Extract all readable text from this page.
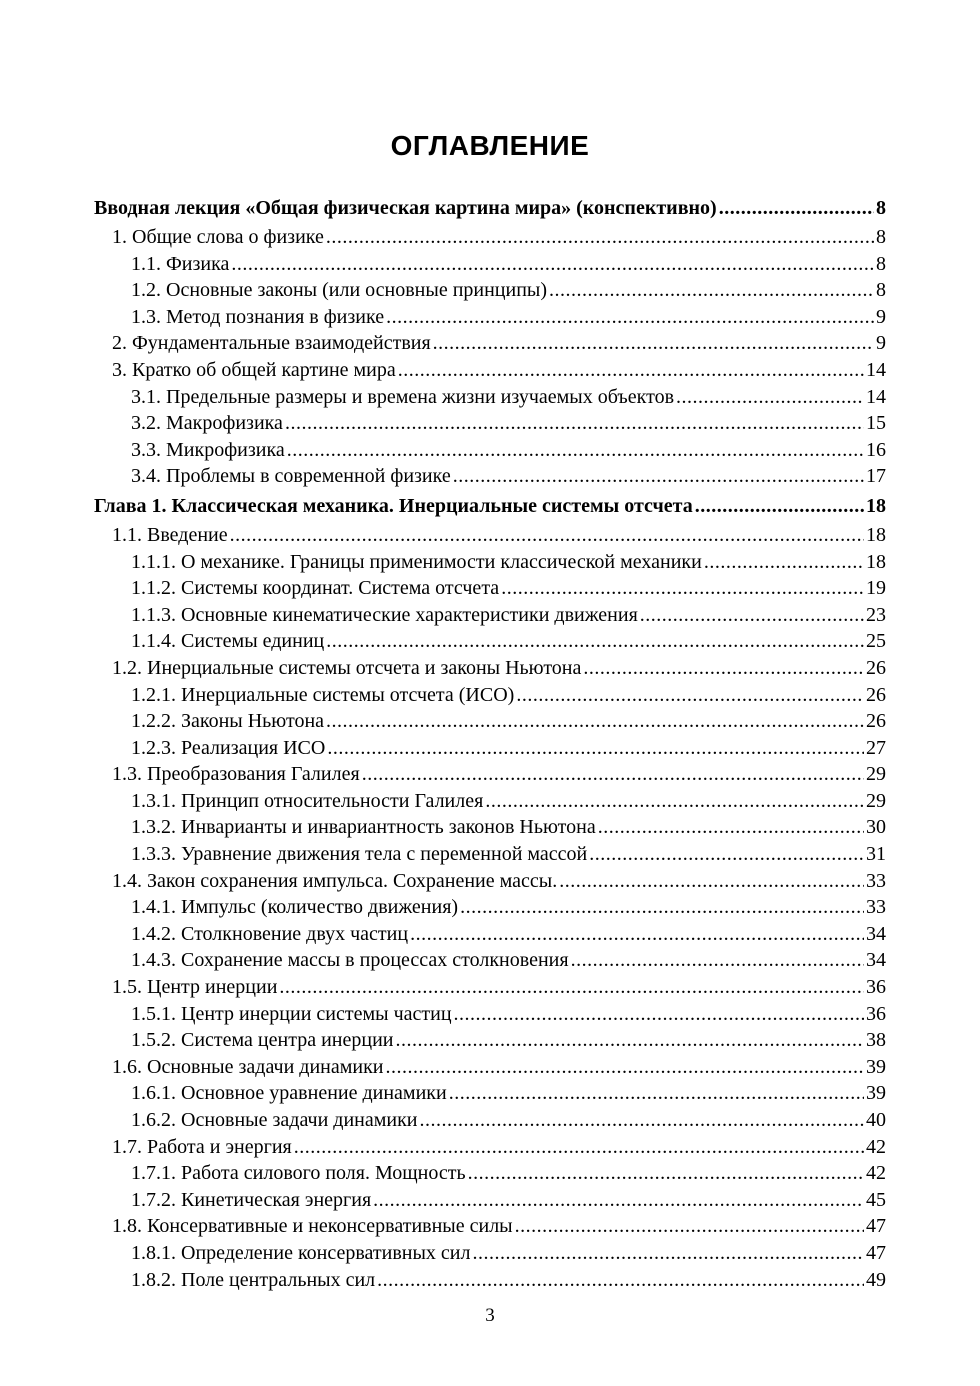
ОГЛАВЛЕНИЕ
Вводная лекция «Общая физическая картина мира» (конспективно) .....	8
1. Общие слова о физике .....	8
1.1. Физика .....	8
1.2. Основные законы (или основные принципы) .....	8
1.3. Метод познания в физике .....	9
2. Фундаментальные взаимодействия .....	9
3. Кратко об общей картине мира .....	14
3.1. Предельные размеры и времена жизни изучаемых объектов .....	14
3.2. Макрофизика .....	15
3.3. Микрофизика .....	16
3.4. Проблемы в современной физике .....	17
Глава 1. Классическая механика. Инерциальные системы отсчета .....	18
1.1. Введение .....	18
1.1.1. О механике. Границы применимости классической механики .....	18
1.1.2. Системы координат. Система отсчета .....	19
1.1.3. Основные кинематические характеристики движения .....	23
1.1.4. Системы единиц .....	25
1.2. Инерциальные системы отсчета и законы Ньютона .....	26
1.2.1. Инерциальные системы отсчета (ИСО) .....	26
1.2.2. Законы Ньютона .....	26
1.2.3. Реализация ИСО .....	27
1.3. Преобразования Галилея .....	29
1.3.1. Принцип относительности Галилея .....	29
1.3.2. Инварианты и инвариантность законов Ньютона .....	30
1.3.3. Уравнение движения тела с переменной массой .....	31
1.4. Закон сохранения импульса. Сохранение массы. .....	33
1.4.1. Импульс (количество движения) .....	33
1.4.2. Столкновение двух частиц .....	34
1.4.3. Сохранение массы в процессах столкновения .....	34
1.5. Центр инерции .....	36
1.5.1. Центр инерции системы частиц .....	36
1.5.2. Система центра инерции .....	38
1.6. Основные задачи динамики .....	39
1.6.1. Основное уравнение динамики .....	39
1.6.2. Основные задачи динамики .....	40
1.7. Работа и энергия .....	42
1.7.1. Работа силового поля. Мощность .....	42
1.7.2. Кинетическая энергия .....	45
1.8. Консервативные и неконсервативные силы .....	47
1.8.1. Определение консервативных сил .....	47
1.8.2. Поле центральных сил .....	49
3
